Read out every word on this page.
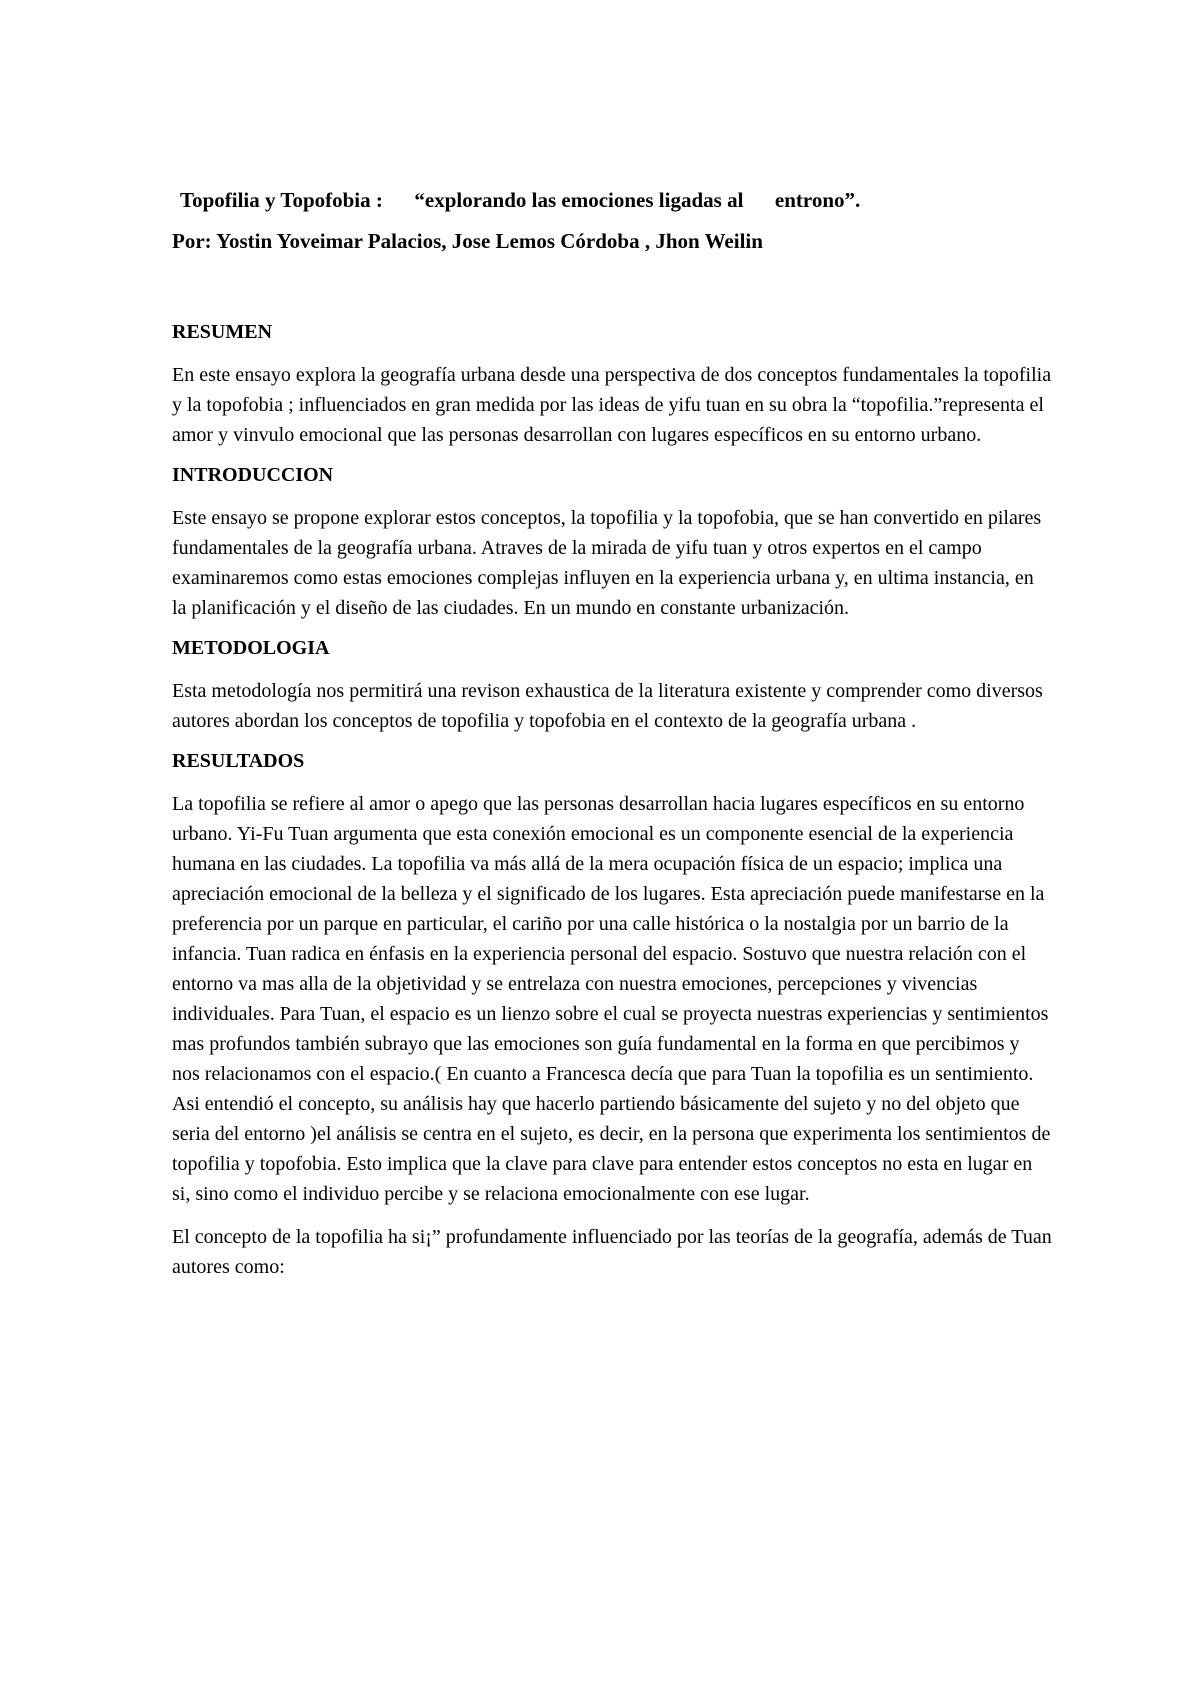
Topofilia y Topofobia :      “explorando las emociones ligadas al      entrono”.

Por: Yostin Yoveimar Palacios, Jose Lemos Córdoba , Jhon Weilin

RESUMEN

En este ensayo explora la geografía urbana desde una perspectiva de dos conceptos fundamentales la topofilia y la topofobia ; influenciados en gran medida por las ideas de yifu tuan en su obra la “topofilia.”representa el amor y vinvulo emocional que las personas desarrollan con lugares específicos en su entorno urbano.

INTRODUCCION

Este ensayo se propone explorar estos conceptos, la topofilia y la topofobia, que se han convertido en pilares fundamentales de la geografía urbana. Atraves de la mirada de yifu tuan y otros expertos en el campo examinaremos como estas emociones complejas influyen en la experiencia urbana y, en ultima instancia, en la planificación y el diseño de las ciudades. En un mundo en constante urbanización.

METODOLOGIA

Esta metodología nos permitirá una revison exhaustica de la literatura existente y comprender como diversos autores abordan los conceptos de topofilia y topofobia en el contexto de la geografía urbana .

RESULTADOS

La topofilia se refiere al amor o apego que las personas desarrollan hacia lugares específicos en su entorno urbano. Yi-Fu Tuan argumenta que esta conexión emocional es un componente esencial de la experiencia humana en las ciudades. La topofilia va más allá de la mera ocupación física de un espacio; implica una apreciación emocional de la belleza y el significado de los lugares. Esta apreciación puede manifestarse en la preferencia por un parque en particular, el cariño por una calle histórica o la nostalgia por un barrio de la infancia. Tuan radica en énfasis en la experiencia personal del espacio. Sostuvo que nuestra relación con el entorno va mas alla de la objetividad y se entrelaza con nuestra emociones, percepciones y vivencias individuales. Para Tuan, el espacio es un lienzo sobre el cual se proyecta nuestras experiencias y sentimientos mas profundos también subrayo que las emociones son guía fundamental en la forma en que percibimos y nos relacionamos con el espacio.( En cuanto a Francesca decía que para Tuan la topofilia es un sentimiento. Asi entendió el concepto, su análisis hay que hacerlo partiendo básicamente del sujeto y no del objeto que seria del entorno )el análisis se centra en el sujeto, es decir, en la persona que experimenta los sentimientos de topofilia y topofobia. Esto implica que la clave para clave para entender estos conceptos no esta en lugar en si, sino como el individuo percibe y se relaciona emocionalmente con ese lugar.

El concepto de la topofilia ha si¡” profundamente influenciado por las teorías de la geografía, además de Tuan autores como:
